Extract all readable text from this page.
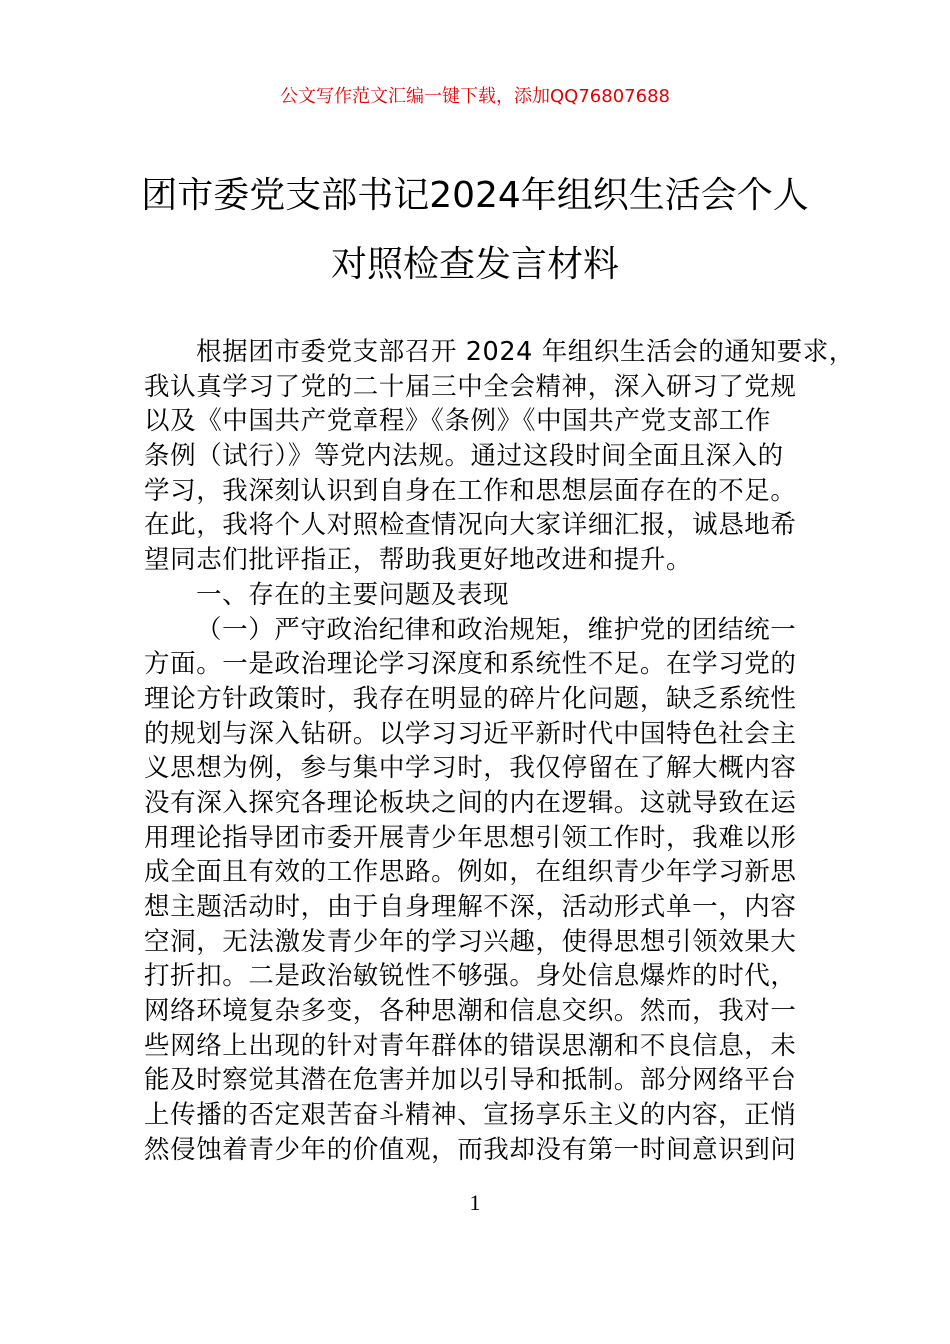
公文写作范文汇编一键下载，添加QQ76807688
团市委党支部书记2024年组织生活会个人
对照检查发言材料
根据团市委党支部召开 2024 年组织生活会的通知要求，
我认真学习了党的二十届三中全会精神，深入研习了党规
以及《中国共产党章程》《条例》《中国共产党支部工作
条例（试行）》等党内法规。通过这段时间全面且深入的
学习，我深刻认识到自身在工作和思想层面存在的不足。
在此，我将个人对照检查情况向大家详细汇报，诚恳地希
望同志们批评指正，帮助我更好地改进和提升。
一、存在的主要问题及表现
（一）严守政治纪律和政治规矩，维护党的团结统一
方面。一是政治理论学习深度和系统性不足。在学习党的
理论方针政策时，我存在明显的碎片化问题，缺乏系统性
的规划与深入钻研。以学习习近平新时代中国特色社会主
义思想为例，参与集中学习时，我仅停留在了解大概内容
没有深入探究各理论板块之间的内在逻辑。这就导致在运
用理论指导团市委开展青少年思想引领工作时，我难以形
成全面且有效的工作思路。例如，在组织青少年学习新思
想主题活动时，由于自身理解不深，活动形式单一，内容
空洞，无法激发青少年的学习兴趣，使得思想引领效果大
打折扣。二是政治敏锐性不够强。身处信息爆炸的时代，
网络环境复杂多变，各种思潮和信息交织。然而，我对一
些网络上出现的针对青年群体的错误思潮和不良信息，未
能及时察觉其潜在危害并加以引导和抵制。部分网络平台
上传播的否定艰苦奋斗精神、宣扬享乐主义的内容，正悄
然侵蚀着青少年的价值观，而我却没有第一时间意识到问
1
